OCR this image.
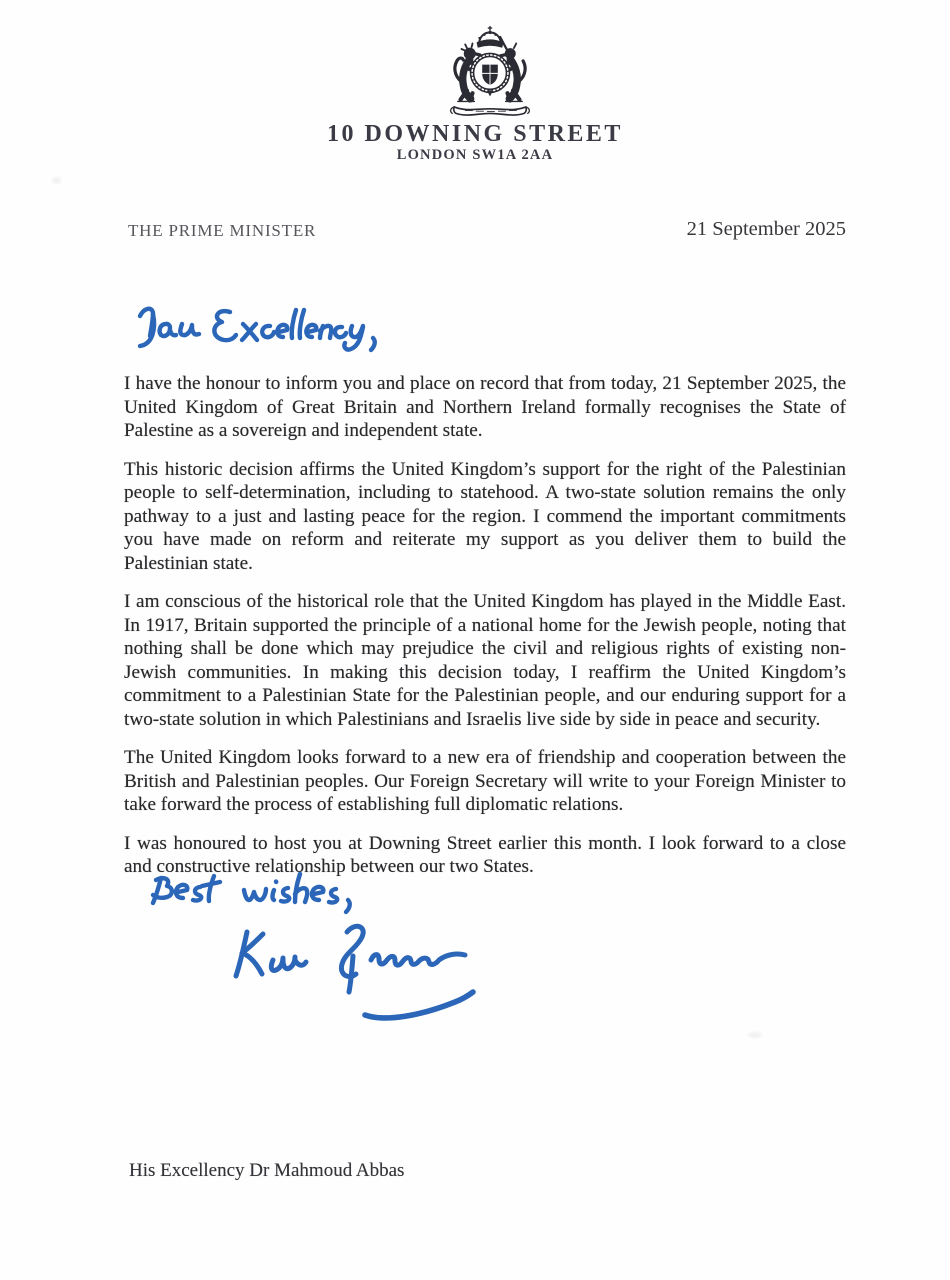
10 DOWNING STREET
LONDON SW1A 2AA
THE PRIME MINISTER	21 September 2025

I have the honour to inform you and place on record that from today, 21 September 2025, the United Kingdom of Great Britain and Northern Ireland formally recognises the State of Palestine as a sovereign and independent state.

This historic decision affirms the United Kingdom’s support for the right of the Palestinian people to self-determination, including to statehood. A two-state solution remains the only pathway to a just and lasting peace for the region. I commend the important commitments you have made on reform and reiterate my support as you deliver them to build the Palestinian state.

I am conscious of the historical role that the United Kingdom has played in the Middle East. In 1917, Britain supported the principle of a national home for the Jewish people, noting that nothing shall be done which may prejudice the civil and religious rights of existing non-Jewish communities. In making this decision today, I reaffirm the United Kingdom’s commitment to a Palestinian State for the Palestinian people, and our enduring support for a two-state solution in which Palestinians and Israelis live side by side in peace and security.

The United Kingdom looks forward to a new era of friendship and cooperation between the British and Palestinian peoples. Our Foreign Secretary will write to your Foreign Minister to take forward the process of establishing full diplomatic relations.

I was honoured to host you at Downing Street earlier this month. I look forward to a close and constructive relationship between our two States.

His Excellency Dr Mahmoud Abbas
